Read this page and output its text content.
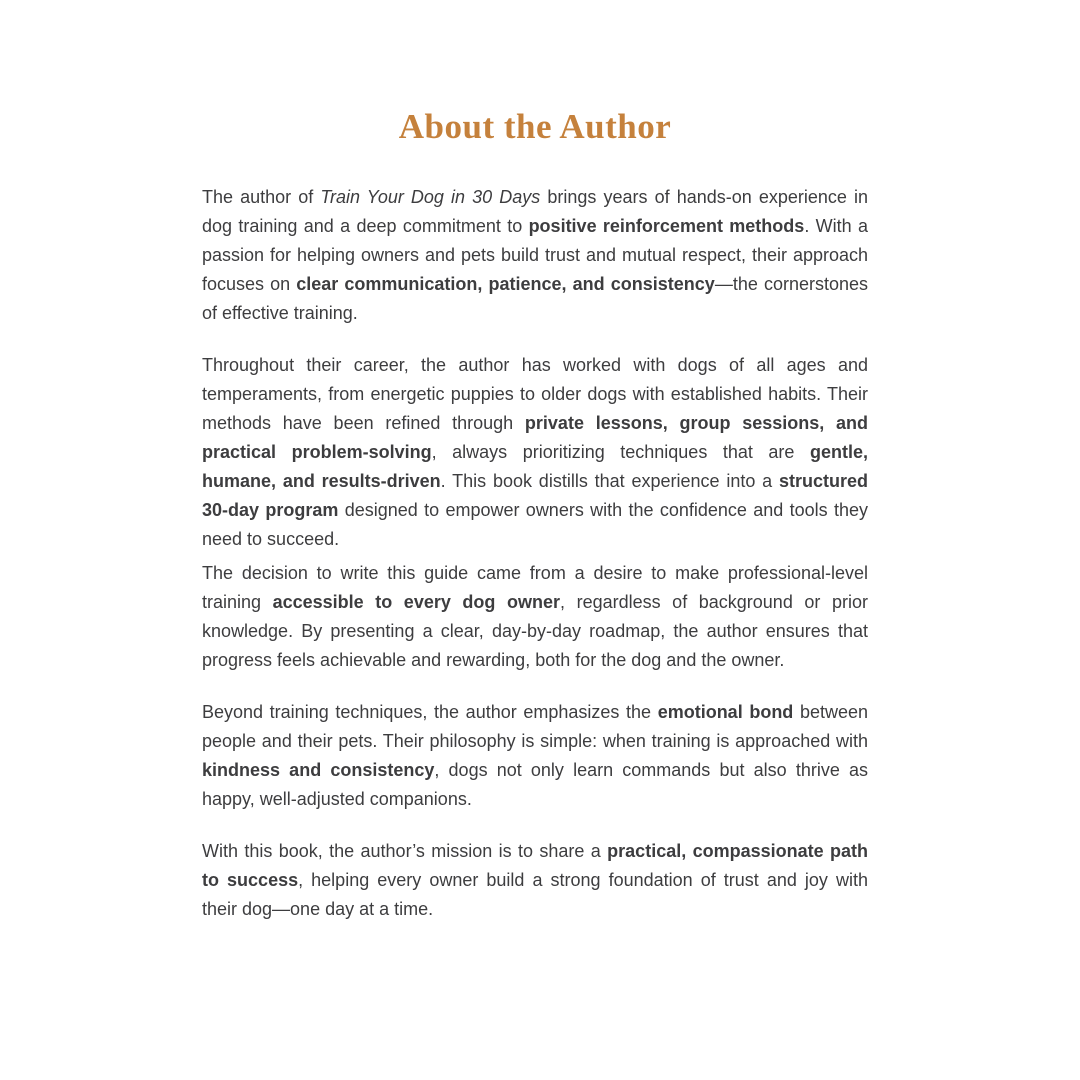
About the Author

The author of Train Your Dog in 30 Days brings years of hands-on experience in dog training and a deep commitment to positive reinforcement methods. With a passion for helping owners and pets build trust and mutual respect, their approach focuses on clear communication, patience, and consistency—the cornerstones of effective training.

Throughout their career, the author has worked with dogs of all ages and temperaments, from energetic puppies to older dogs with established habits. Their methods have been refined through private lessons, group sessions, and practical problem-solving, always prioritizing techniques that are gentle, humane, and results-driven. This book distills that experience into a structured 30-day program designed to empower owners with the confidence and tools they need to succeed.

The decision to write this guide came from a desire to make professional-level training accessible to every dog owner, regardless of background or prior knowledge. By presenting a clear, day-by-day roadmap, the author ensures that progress feels achievable and rewarding, both for the dog and the owner.

Beyond training techniques, the author emphasizes the emotional bond between people and their pets. Their philosophy is simple: when training is approached with kindness and consistency, dogs not only learn commands but also thrive as happy, well-adjusted companions.

With this book, the author’s mission is to share a practical, compassionate path to success, helping every owner build a strong foundation of trust and joy with their dog—one day at a time.
